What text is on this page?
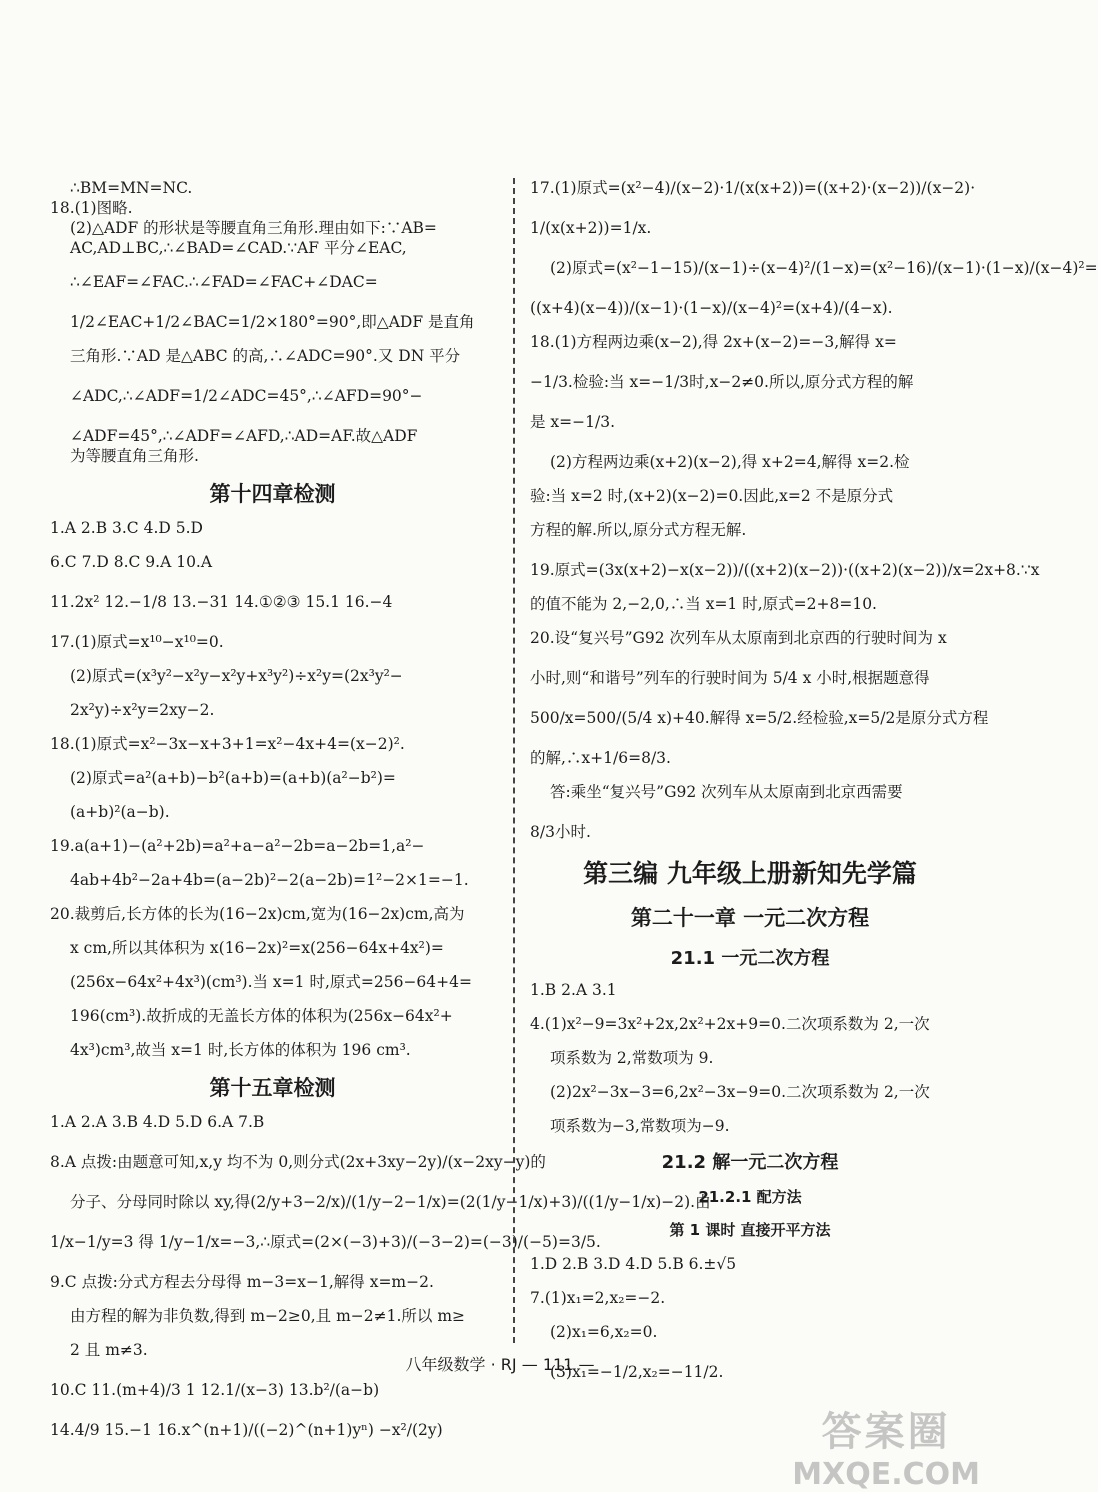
∴BM=MN=NC.
18.(1)图略.
(2)△ADF 的形状是等腰直角三角形.理由如下:∵AB=
AC,AD⊥BC,∴∠BAD=∠CAD.∵AF 平分∠EAC,
∴∠EAF=∠FAC.∴∠FAD=∠FAC+∠DAC=
1/2∠EAC+1/2∠BAC=1/2×180°=90°,即△ADF 是直角
三角形.∵AD 是△ABC 的高,∴∠ADC=90°.又 DN 平分
∠ADC,∴∠ADF=1/2∠ADC=45°,∴∠AFD=90°−
∠ADF=45°,∴∠ADF=∠AFD,∴AD=AF.故△ADF
为等腰直角三角形.
第十四章检测
1.A 2.B 3.C 4.D 5.D
6.C 7.D 8.C 9.A 10.A
11.2x² 12.−1/8 13.−31 14.①②③ 15.1 16.−4
17.(1)原式=x¹⁰−x¹⁰=0.
(2)原式=(x³y²−x²y−x²y+x³y²)÷x²y=(2x³y²−
2x²y)÷x²y=2xy−2.
18.(1)原式=x²−3x−x+3+1=x²−4x+4=(x−2)².
(2)原式=a²(a+b)−b²(a+b)=(a+b)(a²−b²)=
(a+b)²(a−b).
19.a(a+1)−(a²+2b)=a²+a−a²−2b=a−2b=1,a²−
4ab+4b²−2a+4b=(a−2b)²−2(a−2b)=1²−2×1=−1.
20.裁剪后,长方体的长为(16−2x)cm,宽为(16−2x)cm,高为
x cm,所以其体积为 x(16−2x)²=x(256−64x+4x²)=
(256x−64x²+4x³)(cm³).当 x=1 时,原式=256−64+4=
196(cm³).故折成的无盖长方体的体积为(256x−64x²+
4x³)cm³,故当 x=1 时,长方体的体积为 196 cm³.
第十五章检测
1.A 2.A 3.B 4.D 5.D 6.A 7.B
8.A 点拨:由题意可知,x,y 均不为 0,则分式(2x+3xy−2y)/(x−2xy−y)的
分子、分母同时除以 xy,得(2/y+3−2/x)/(1/y−2−1/x)=(2(1/y−1/x)+3)/((1/y−1/x)−2).由
1/x−1/y=3 得 1/y−1/x=−3,∴原式=(2×(−3)+3)/(−3−2)=(−3)/(−5)=3/5.
9.C 点拨:分式方程去分母得 m−3=x−1,解得 x=m−2.
由方程的解为非负数,得到 m−2≥0,且 m−2≠1.所以 m≥
2 且 m≠3.
10.C 11.(m+4)/3 1 12.1/(x−3) 13.b²/(a−b)
14.4/9 15.−1 16.x^(n+1)/((−2)^(n+1)yⁿ) −x²/(2y)
17.(1)原式=(x²−4)/(x−2)·1/(x(x+2))=((x+2)·(x−2))/(x−2)·
1/(x(x+2))=1/x.
(2)原式=(x²−1−15)/(x−1)÷(x−4)²/(1−x)=(x²−16)/(x−1)·(1−x)/(x−4)²=
((x+4)(x−4))/(x−1)·(1−x)/(x−4)²=(x+4)/(4−x).
18.(1)方程两边乘(x−2),得 2x+(x−2)=−3,解得 x=
−1/3.检验:当 x=−1/3时,x−2≠0.所以,原分式方程的解
是 x=−1/3.
(2)方程两边乘(x+2)(x−2),得 x+2=4,解得 x=2.检
验:当 x=2 时,(x+2)(x−2)=0.因此,x=2 不是原分式
方程的解.所以,原分式方程无解.
19.原式=(3x(x+2)−x(x−2))/((x+2)(x−2))·((x+2)(x−2))/x=2x+8.∵x
的值不能为 2,−2,0,∴当 x=1 时,原式=2+8=10.
20.设“复兴号”G92 次列车从太原南到北京西的行驶时间为 x
小时,则“和谐号”列车的行驶时间为 5/4 x 小时,根据题意得
500/x=500/(5/4 x)+40.解得 x=5/2.经检验,x=5/2是原分式方程
的解,∴x+1/6=8/3.
答:乘坐“复兴号”G92 次列车从太原南到北京西需要
8/3小时.
第三编 九年级上册新知先学篇
第二十一章 一元二次方程
21.1 一元二次方程
1.B 2.A 3.1
4.(1)x²−9=3x²+2x,2x²+2x+9=0.二次项系数为 2,一次
项系数为 2,常数项为 9.
(2)2x²−3x−3=6,2x²−3x−9=0.二次项系数为 2,一次
项系数为−3,常数项为−9.
21.2 解一元二次方程
21.2.1 配方法
第 1 课时 直接开平方法
1.D 2.B 3.D 4.D 5.B 6.±√5
7.(1)x₁=2,x₂=−2.
(2)x₁=6,x₂=0.
(3)x₁=−1/2,x₂=−11/2.
八年级数学 · RJ — 111 —
答案圈
MXQE.COM
